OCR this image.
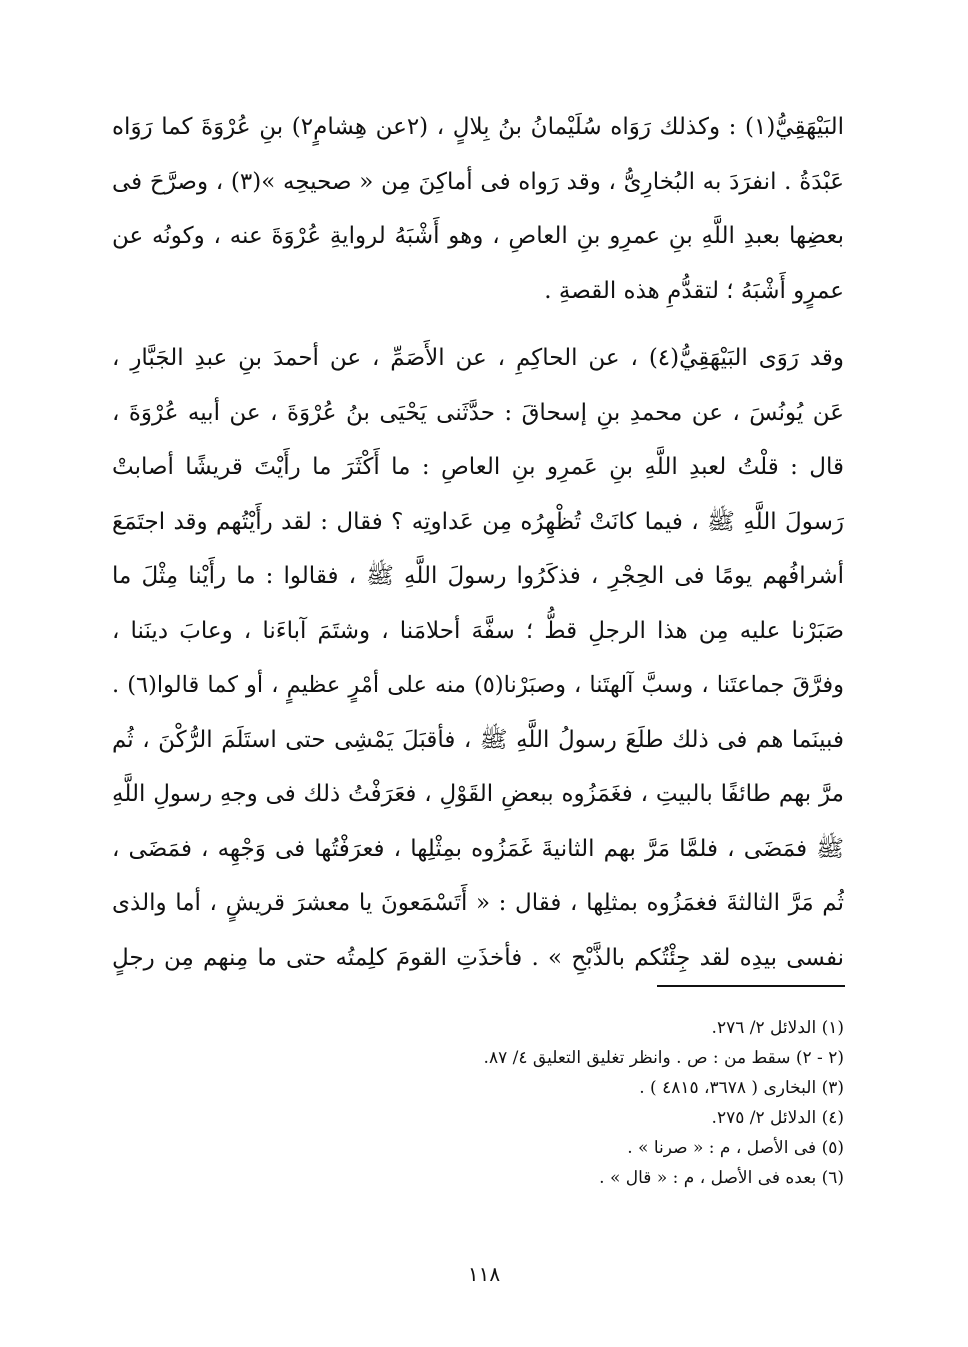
البَيْهَقِيُّ(١) : وكذلك رَوَاه سُلَيْمانُ بنُ بِلالٍ ، (٢عن هِشامٍ٢) بنِ عُرْوَةَ كما رَوَاه
عَبْدَةُ . انفرَدَ به البُخارِىُّ ، وقد رَواه فى أماكِنَ مِن « صحيحِه »(٣) ، وصرَّحَ فى
بعضِها بعبدِ اللَّهِ بنِ عمرِو بنِ العاصِ ، وهو أَشْبَهُ لروايةِ عُرْوَةَ عنه ، وكونُه عن
عمرٍو أَشْبَهُ ؛ لتقدُّمِ هذه القصةِ .
وقد رَوَى البَيْهَقِيُّ(٤) ، عن الحاكِمِ ، عن الأَصَمِّ ، عن أحمدَ بنِ عبدِ الجَبَّارِ ،
عَن يُونُسَ ، عن محمدِ بنِ إسحاقَ : حدَّثَنى يَحْيَى بنُ عُرْوَةَ ، عن أبيه عُرْوَةَ ،
قال : قلْتُ لعبدِ اللَّهِ بنِ عَمرِو بنِ العاصِ : ما أَكْثَرَ ما رأَيْتَ قريشًا أصابتْ
رَسولَ اللَّهِ ﷺ ، فيما كانَتْ تُظْهِرُه مِن عَداوتِه ؟ فقال : لقد رأَيْتُهم وقد اجتَمَعَ
أشرافُهم يومًا فى الحِجْرِ ، فذكَرُوا رسولَ اللَّهِ ﷺ ، فقالوا : ما رأَيْنا مِثْلَ ما
صَبَرْنا عليه مِن هذا الرجلِ قطُّ ؛ سفَّهَ أحلامَنا ، وشتَمَ آباءَنا ، وعابَ دينَنا ،
وفرَّقَ جماعتَنا ، وسبَّ آلهتَنا ، وصبَرْنا(٥) منه على أمْرٍ عظيمٍ ، أو كما قالوا(٦) .
فبينَما هم فى ذلك طلَعَ رسولُ اللَّهِ ﷺ ، فأقبَلَ يَمْشِى حتى استَلَمَ الرُّكْنَ ، ثُم
مرَّ بهم طائفًا بالبيتِ ، فغَمَزُوه ببعضِ القَوْلِ ، فعَرَفْتُ ذلك فى وجهِ رسولِ اللَّهِ
ﷺ فمَضَى ، فلمَّا مَرَّ بهم الثانيةَ غَمَزُوه بمِثْلِها ، فعرَفْتُها فى وَجْهِه ، فمَضَى ،
ثُم مَرَّ الثالثةَ فغمَزُوه بمثلِها ، فقال : « أَتَسْمَعونَ يا معشرَ قريشٍ ، أما والذى
نفسى بيدِه لقد جِئْتُكم بالذَّبْحِ » . فأخذَتِ القومَ كلِمتُه حتى ما مِنهم مِن رجلٍ
(١) الدلائل ٢/ ٢٧٦.
(٢ - ٢) سقط من : ص . وانظر تغليق التعليق ٤/ ٨٧.
(٣) البخارى ( ٣٦٧٨، ٤٨١٥ ) .
(٤) الدلائل ٢/ ٢٧٥.
(٥) فى الأصل ، م : « صرنا » .
(٦) بعده فى الأصل ، م : « قال » .
١١٨
